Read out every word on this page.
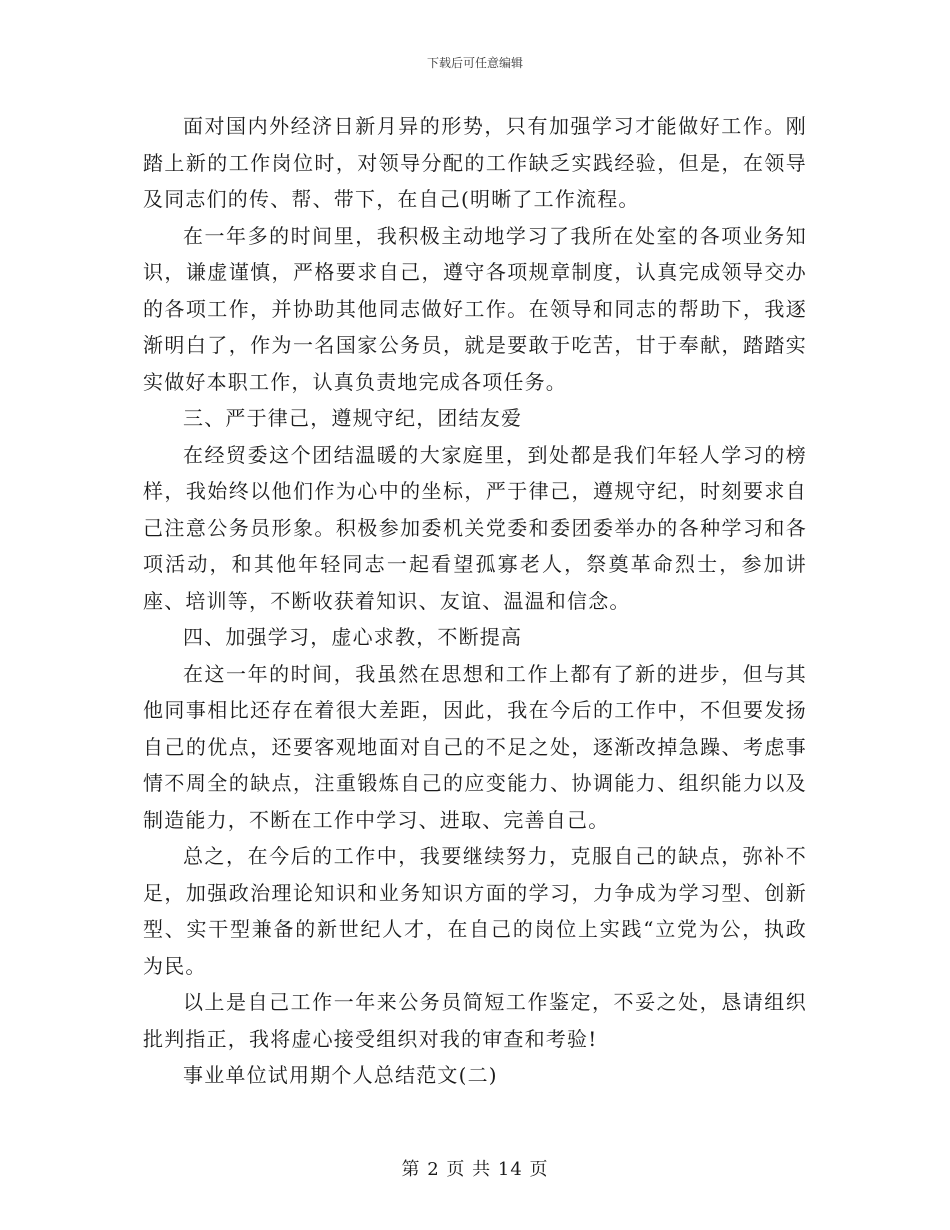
下载后可任意编辑

面对国内外经济日新月异的形势，只有加强学习才能做好工作。刚踏上新的工作岗位时，对领导分配的工作缺乏实践经验，但是，在领导及同志们的传、帮、带下，在自己(明晰了工作流程。

在一年多的时间里，我积极主动地学习了我所在处室的各项业务知识，谦虚谨慎，严格要求自己，遵守各项规章制度，认真完成领导交办的各项工作，并协助其他同志做好工作。在领导和同志的帮助下，我逐渐明白了，作为一名国家公务员，就是要敢于吃苦，甘于奉献，踏踏实实做好本职工作，认真负责地完成各项任务。

三、严于律己，遵规守纪，团结友爱

在经贸委这个团结温暖的大家庭里，到处都是我们年轻人学习的榜样，我始终以他们作为心中的坐标，严于律己，遵规守纪，时刻要求自己注意公务员形象。积极参加委机关党委和委团委举办的各种学习和各项活动，和其他年轻同志一起看望孤寡老人，祭奠革命烈士，参加讲座、培训等，不断收获着知识、友谊、温温和信念。

四、加强学习，虚心求教，不断提高

在这一年的时间，我虽然在思想和工作上都有了新的进步，但与其他同事相比还存在着很大差距，因此，我在今后的工作中，不但要发扬自己的优点，还要客观地面对自己的不足之处，逐渐改掉急躁、考虑事情不周全的缺点，注重锻炼自己的应变能力、协调能力、组织能力以及制造能力，不断在工作中学习、进取、完善自己。

总之，在今后的工作中，我要继续努力，克服自己的缺点，弥补不足，加强政治理论知识和业务知识方面的学习，力争成为学习型、创新型、实干型兼备的新世纪人才，在自己的岗位上实践“立党为公，执政为民。

以上是自己工作一年来公务员简短工作鉴定，不妥之处，恳请组织批判指正，我将虚心接受组织对我的审查和考验!

事业单位试用期个人总结范文(二)

第 2 页 共 14 页
